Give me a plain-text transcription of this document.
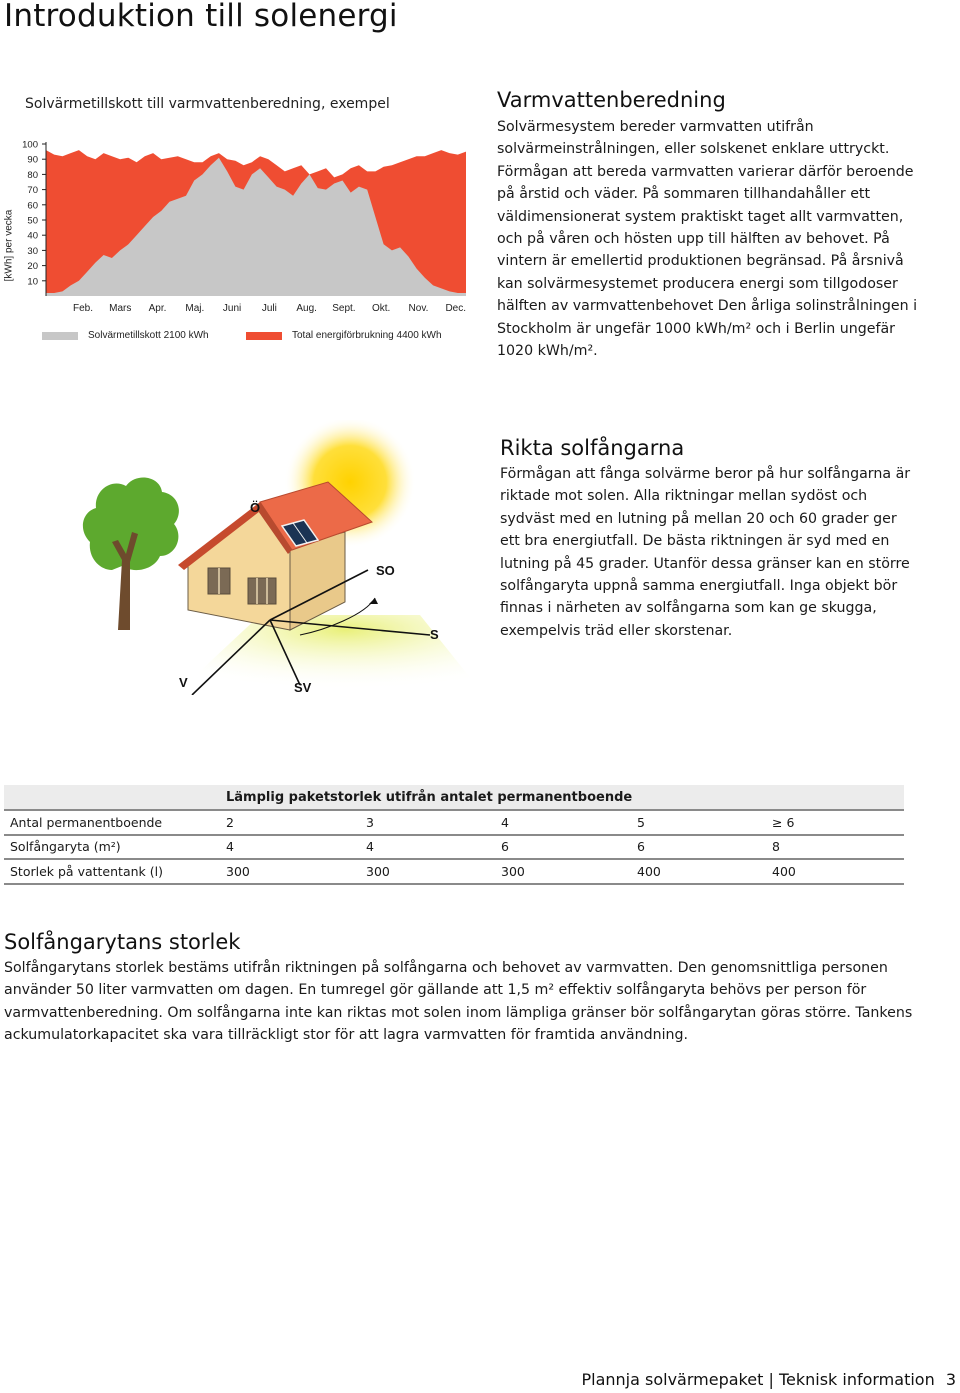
Introduktion till solenergi
Solvärmetillskott till varmvattenberedning, exempel
[kWh] per vecka
10
20
30
40
50
60
70
80
90
100
Feb. Mars Apr. Maj. Juni Juli Aug. Sept. Okt. Nov. Dec.
Solvärmetillskott 2100 kWh	Total energiförbrukning 4400 kWh
Varmvattenberedning

Solvärmesystem bereder varmvatten utifrån solvärmeinstrålningen, eller solskenet enklare uttryckt. Förmågan att bereda varmvatten varierar därför beroende på årstid och väder. På sommaren tillhandahåller ett väldimensionerat system praktiskt taget allt varmvatten, och på våren och hösten upp till hälften av behovet. På vintern är emellertid produktionen begränsad. På årsnivå kan solvärmesystemet producera energi som tillgodoser hälften av varmvattenbehovet Den årliga solinstrålningen i Stockholm är ungefär 1000 kWh/m² och i Berlin ungefär 1020 kWh/m².

Ö
SO
S
V	SV
Rikta solfångarna

Förmågan att fånga solvärme beror på hur solfångarna är riktade mot solen. Alla riktningar mellan sydöst och sydväst med en lutning på mellan 20 och 60 grader ger ett bra energiutfall. De bästa riktningen är syd med en lutning på 45 grader. Utanför dessa gränser kan en större solfångaryta uppnå samma energiutfall. Inga objekt bör finnas i närheten av solfångarna som kan ge skugga, exempelvis träd eller skorstenar.

	Lämplig paketstorlek utifrån antalet permanentboende				
Antal permanentboende	2	3	4	5	≥ 6
Solfångaryta (m²)	4	4	6	6	8
Storlek på vattentank (l)	300	300	300	400	400
Solfångarytans storlek

Solfångarytans storlek bestäms utifrån riktningen på solfångarna och behovet av varmvatten. Den genomsnittliga personen använder 50 liter varmvatten om dagen. En tumregel gör gällande att 1,5 m² effektiv solfångaryta behövs per person för varmvattenberedning. Om solfångarna inte kan riktas mot solen inom lämpliga gränser bör solfångarytan göras större. Tankens ackumulatorkapacitet ska vara tillräckligt stor för att lagra varmvatten för framtida användning.

Plannja solvärmepaket | Teknisk information 3
